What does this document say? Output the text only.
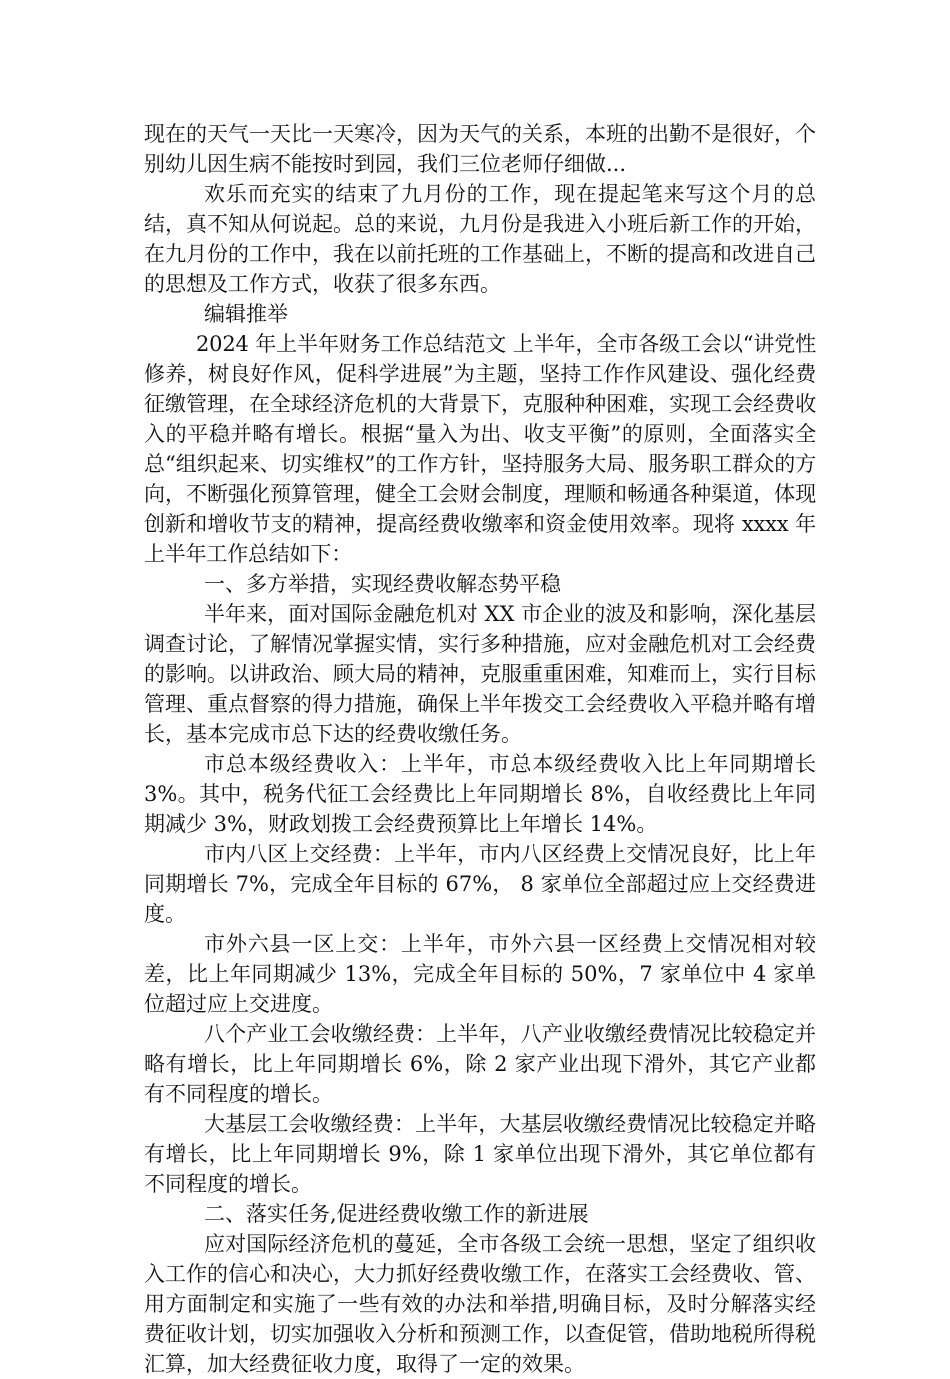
现在的天气一天比一天寒冷，因为天气的关系，本班的出勤不是很好，个别幼儿因生病不能按时到园，我们三位老师仔细做...

欢乐而充实的结束了九月份的工作，现在提起笔来写这个月的总结，真不知从何说起。总的来说，九月份是我进入小班后新工作的开始，在九月份的工作中，我在以前托班的工作基础上，不断的提高和改进自己的思想及工作方式，收获了很多东西。

编辑推举

2024 年上半年财务工作总结范文 上半年，全市各级工会以“讲党性修养，树良好作风，促科学进展”为主题，坚持工作作风建设、强化经费征缴管理，在全球经济危机的大背景下，克服种种困难，实现工会经费收入的平稳并略有增长。根据“量入为出、收支平衡”的原则，全面落实全总“组织起来、切实维权”的工作方针，坚持服务大局、服务职工群众的方向，不断强化预算管理，健全工会财会制度，理顺和畅通各种渠道，体现创新和增收节支的精神，提高经费收缴率和资金使用效率。现将 xxxx 年上半年工作总结如下：

一、多方举措，实现经费收解态势平稳

半年来，面对国际金融危机对 XX 市企业的波及和影响，深化基层调查讨论，了解情况掌握实情，实行多种措施，应对金融危机对工会经费的影响。以讲政治、顾大局的精神，克服重重困难，知难而上，实行目标管理、重点督察的得力措施，确保上半年拨交工会经费收入平稳并略有增长，基本完成市总下达的经费收缴任务。

市总本级经费收入：上半年，市总本级经费收入比上年同期增长 3%。其中，税务代征工会经费比上年同期增长 8%，自收经费比上年同期减少 3%，财政划拨工会经费预算比上年增长 14%。

市内八区上交经费：上半年，市内八区经费上交情况良好，比上年同期增长 7%，完成全年目标的 67%， 8 家单位全部超过应上交经费进度。

市外六县一区上交：上半年，市外六县一区经费上交情况相对较差，比上年同期减少 13%，完成全年目标的 50%，7 家单位中 4 家单位超过应上交进度。

八个产业工会收缴经费：上半年，八产业收缴经费情况比较稳定并略有增长，比上年同期增长 6%，除 2 家产业出现下滑外，其它产业都有不同程度的增长。

大基层工会收缴经费：上半年，大基层收缴经费情况比较稳定并略有增长，比上年同期增长 9%，除 1 家单位出现下滑外，其它单位都有不同程度的增长。

二、落实任务,促进经费收缴工作的新进展

应对国际经济危机的蔓延，全市各级工会统一思想，坚定了组织收入工作的信心和决心，大力抓好经费收缴工作，在落实工会经费收、管、用方面制定和实施了一些有效的办法和举措,明确目标，及时分解落实经费征收计划，切实加强收入分析和预测工作，以查促管，借助地税所得税汇算，加大经费征收力度，取得了一定的效果。
